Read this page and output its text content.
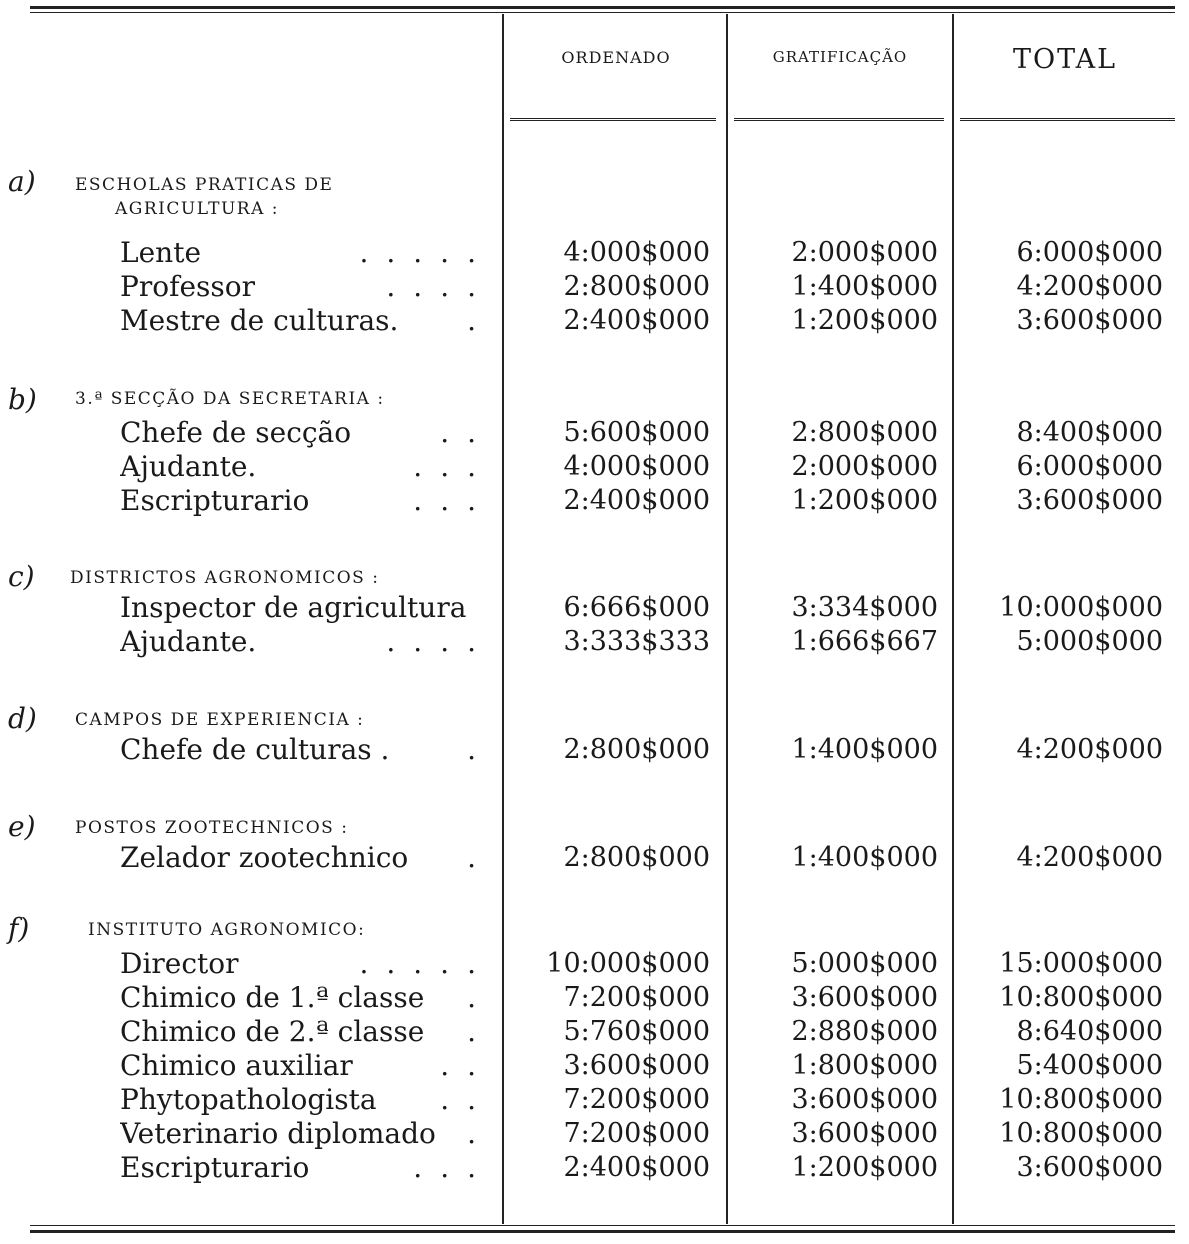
ORDENADO	GRATIFICAÇÃO	TOTAL
a) ESCHOLAS PRATICAS DE
AGRICULTURA :
Lente	.....	4:000$000	2:000$000	6:000$000
Professor	....	2:800$000	1:400$000	4:200$000
Mestre de culturas. .	2:400$000	1:200$000	3:600$000
b) 3.ª SECÇÃO DA SECRETARIA :
Chefe de secção	..	5:600$000	2:800$000	8:400$000
Ajudante.	...	4:000$000	2:000$000	6:000$000
Escripturario	...	2:400$000	1:200$000	3:600$000
c) DISTRICTOS AGRONOMICOS :
Inspector de agricultura	6:666$000	3:334$000	10:000$000
Ajudante.	....	3:333$333	1:666$667	5:000$000
d) CAMPOS DE EXPERIENCIA :
Chefe de culturas .	.	2:800$000	1:400$000	4:200$000
e) POSTOS ZOOTECHNICOS :
Zelador zootechnico .	2:800$000	1:400$000	4:200$000
f)	INSTITUTO AGRONOMICO:
Director	.....	10:000$000	5:000$000	15:000$000
Chimico de 1.ª classe .	7:200$000	3:600$000	10:800$000
Chimico de 2.ª classe .	5:760$000	2:880$000	8:640$000
Chimico auxiliar	..	3:600$000	1:800$000	5:400$000
Phytopathologista ..	7:200$000	3:600$000	10:800$000
Veterinario diplomado .	7:200$000	3:600$000	10:800$000
Escripturario	...	2:400$000	1:200$000	3:600$000
